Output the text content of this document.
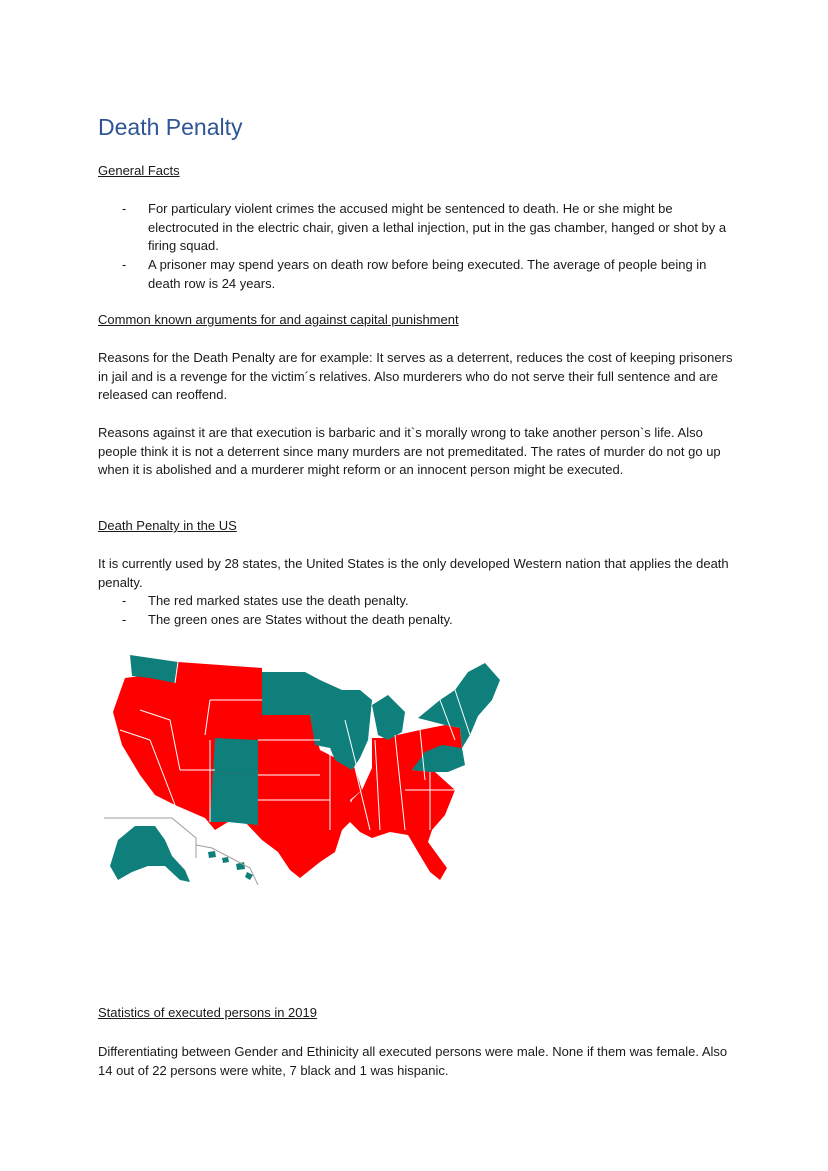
Death Penalty
General Facts
- For particulary violent crimes the accused might be sentenced to death. He or she might be electrocuted in the electric chair, given a lethal injection, put in the gas chamber, hanged or shot by a firing squad.
- A prisoner may spend years on death row before being executed. The average of people being in death row is 24 years.
Common known arguments for and against capital punishment

Reasons for the Death Penalty are for example: It serves as a deterrent, reduces the cost of keeping prisoners in jail and is a revenge for the victim´s relatives. Also murderers who do not serve their full sentence and are released can reoffend.

Reasons against it are that execution is barbaric and it`s morally wrong to take another person`s life. Also people think it is not a deterrent since many murders are not premeditated. The rates of murder do not go up when it is abolished and a murderer might reform or an innocent person might be executed.

Death Penalty in the US

It is currently used by 28 states, the United States is the only developed Western nation that applies the death penalty.

- The red marked states use the death penalty.
- The green ones are States without the death penalty.
Statistics of executed persons in 2019

Differentiating between Gender and Ethinicity all executed persons were male. None if them was female. Also 14 out of 22 persons were white, 7 black and 1 was hispanic.
